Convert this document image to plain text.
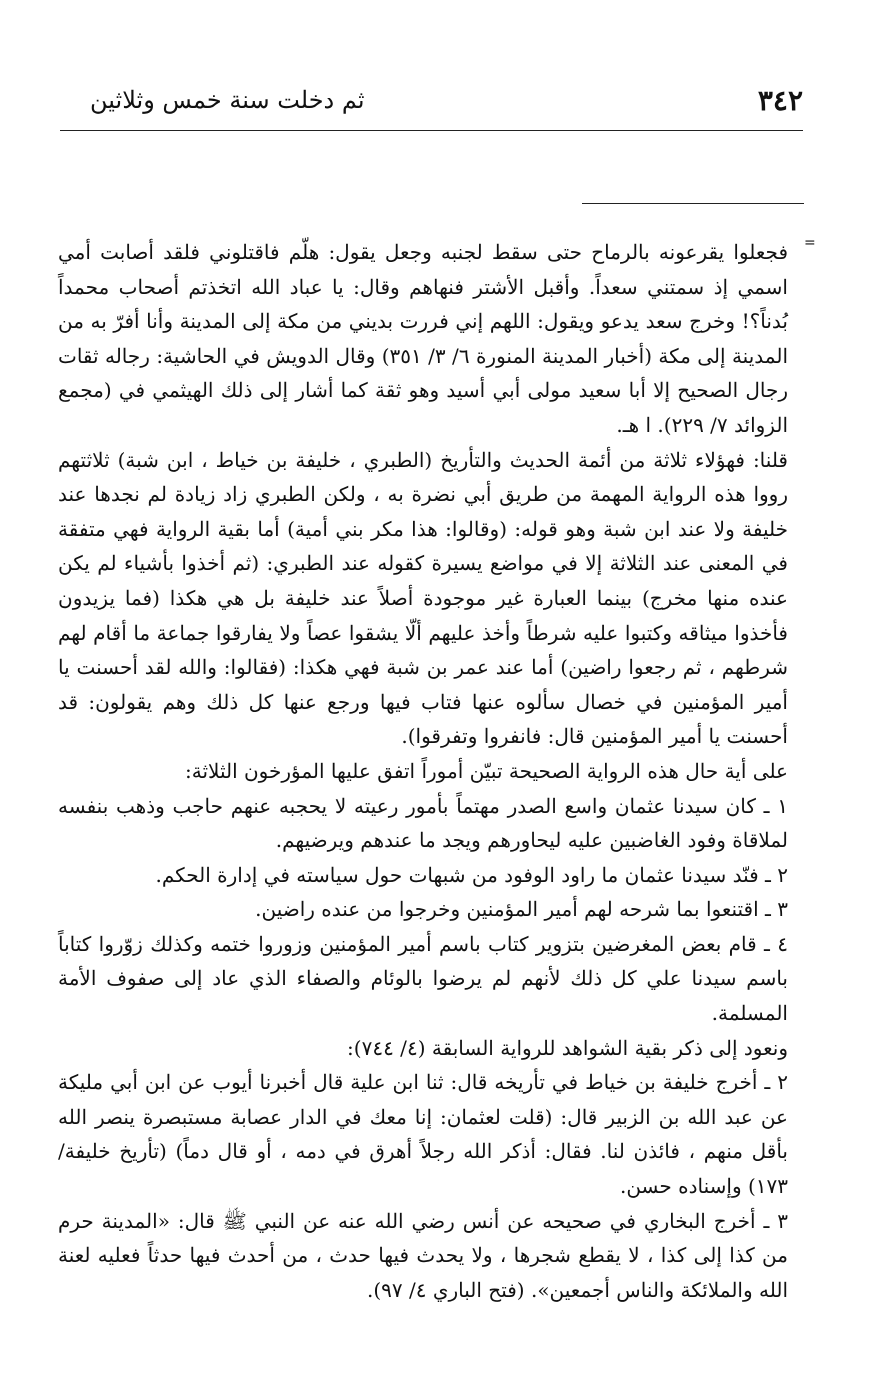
٣٤٢
ثم دخلت سنة خمس وثلاثين
=

فجعلوا يقرعونه بالرماح حتى سقط لجنبه وجعل يقول: هلّم فاقتلوني فلقد أصابت أمي اسمي إذ سمتني سعداً. وأقبل الأشتر فنهاهم وقال: يا عباد الله اتخذتم أصحاب محمداً بُدناً؟! وخرج سعد يدعو ويقول: اللهم إني فررت بديني من مكة إلى المدينة وأنا أفرّ به من المدينة إلى مكة (أخبار المدينة المنورة ٦/ ٣/ ٣٥١) وقال الدويش في الحاشية: رجاله ثقات رجال الصحيح إلا أبا سعيد مولى أبي أسيد وهو ثقة كما أشار إلى ذلك الهيثمي في (مجمع الزوائد ٧/ ٢٢٩). ا هـ.

قلنا: فهؤلاء ثلاثة من أئمة الحديث والتأريخ (الطبري ، خليفة بن خياط ، ابن شبة) ثلاثتهم رووا هذه الرواية المهمة من طريق أبي نضرة به ، ولكن الطبري زاد زيادة لم نجدها عند خليفة ولا عند ابن شبة وهو قوله: (وقالوا: هذا مكر بني أمية) أما بقية الرواية فهي متفقة في المعنى عند الثلاثة إلا في مواضع يسيرة كقوله عند الطبري: (ثم أخذوا بأشياء لم يكن عنده منها مخرج) بينما العبارة غير موجودة أصلاً عند خليفة بل هي هكذا (فما يزيدون فأخذوا ميثاقه وكتبوا عليه شرطاً وأخذ عليهم ألّا يشقوا عصاً ولا يفارقوا جماعة ما أقام لهم شرطهم ، ثم رجعوا راضين) أما عند عمر بن شبة فهي هكذا: (فقالوا: والله لقد أحسنت يا أمير المؤمنين في خصال سألوه عنها فتاب فيها ورجع عنها كل ذلك وهم يقولون: قد أحسنت يا أمير المؤمنين قال: فانفروا وتفرقوا).

على أية حال هذه الرواية الصحيحة تبيّن أموراً اتفق عليها المؤرخون الثلاثة:

١ ـ كان سيدنا عثمان واسع الصدر مهتماً بأمور رعيته لا يحجبه عنهم حاجب وذهب بنفسه لملاقاة وفود الغاضبين عليه ليحاورهم ويجد ما عندهم ويرضيهم.

٢ ـ فنّد سيدنا عثمان ما راود الوفود من شبهات حول سياسته في إدارة الحكم.

٣ ـ اقتنعوا بما شرحه لهم أمير المؤمنين وخرجوا من عنده راضين.

٤ ـ قام بعض المغرضين بتزوير كتاب باسم أمير المؤمنين وزوروا ختمه وكذلك زوّروا كتاباً باسم سيدنا علي كل ذلك لأنهم لم يرضوا بالوئام والصفاء الذي عاد إلى صفوف الأمة المسلمة.

ونعود إلى ذكر بقية الشواهد للرواية السابقة (٤/ ٧٤٤):

٢ ـ أخرج خليفة بن خياط في تأريخه قال: ثنا ابن علية قال أخبرنا أيوب عن ابن أبي مليكة عن عبد الله بن الزبير قال: (قلت لعثمان: إنا معك في الدار عصابة مستبصرة ينصر الله بأقل منهم ، فائذن لنا. فقال: أذكر الله رجلاً أهرق في دمه ، أو قال دماً) (تأريخ خليفة/ ١٧٣) وإسناده حسن.

٣ ـ أخرج البخاري في صحيحه عن أنس رضي الله عنه عن النبي ﷺ قال: «المدينة حرم من كذا إلى كذا ، لا يقطع شجرها ، ولا يحدث فيها حدث ، من أحدث فيها حدثاً فعليه لعنة الله والملائكة والناس أجمعين». (فتح الباري ٤/ ٩٧).
